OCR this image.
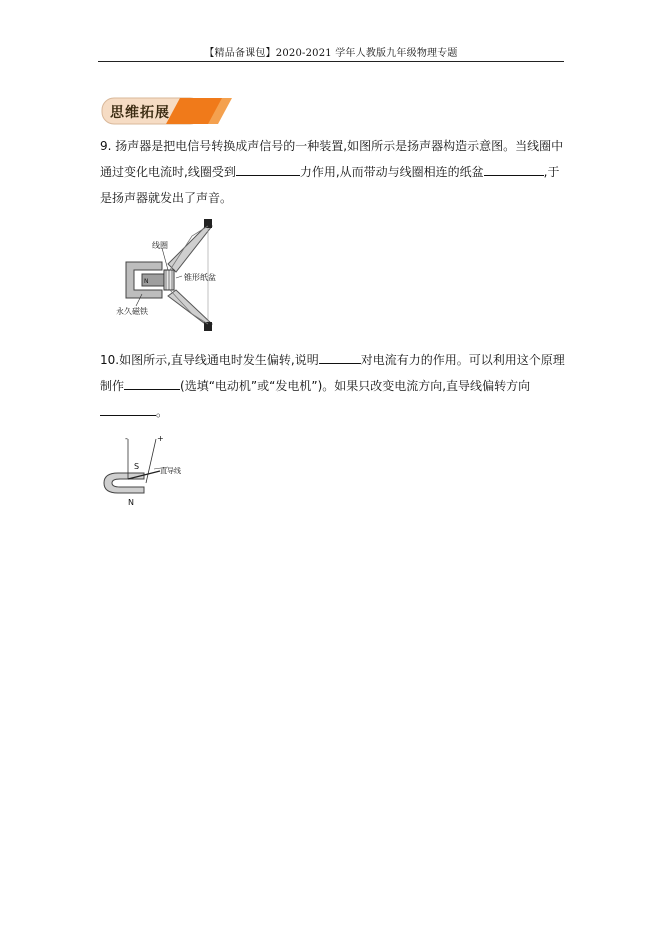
【精品备课包】2020-2021 学年人教版九年级物理专题
思维拓展
9. 扬声器是把电信号转换成声信号的一种装置,如图所示是扬声器构造示意图。当线圈中通过变化电流时,线圈受到	力作用,从而带动与线圈相连的纸盆	,于是扬声器就发出了声音。
线圈
锥形纸盆
永久磁铁
N
10.如图所示,直导线通电时发生偏转,说明	对电流有力的作用。可以利用这个原理制作	(选填“电动机”或“发电机”)。如果只改变电流方向,直导线偏转方向。
-	+
S
N
直导线
